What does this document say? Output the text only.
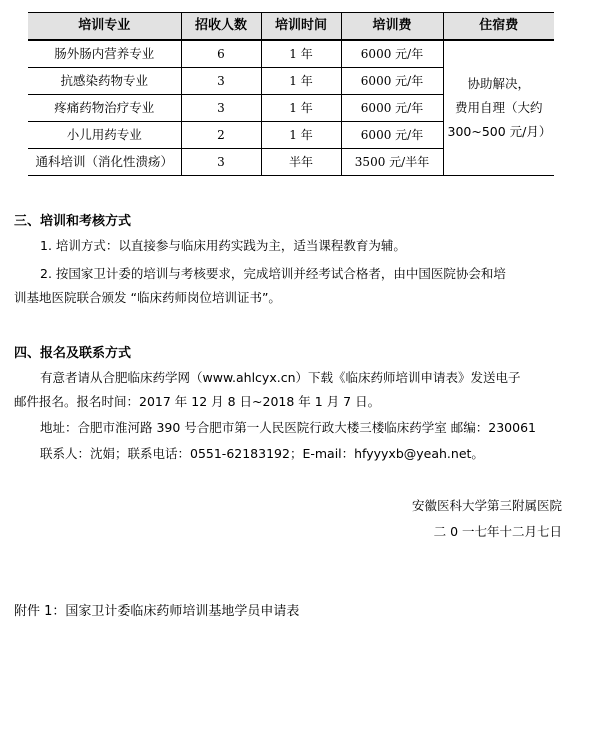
培训专业	招收人数	培训时间	培训费	住宿费
肠外肠内营养专业	6	1 年	6000 元/年	协助解决，
费用自理（大约
300~500 元/月）

抗感染药物专业	3	1 年	6000 元/年	
疼痛药物治疗专业	3	1 年	6000 元/年	
小儿用药专业	2	1 年	6000 元/年	
通科培训（消化性溃疡）	3	半年	3500 元/半年	
三、培训和考核方式
1. 培训方式：以直接参与临床用药实践为主，适当课程教育为辅。
2. 按国家卫计委的培训与考核要求，完成培训并经考试合格者，由中国医院协会和培
训基地医院联合颁发 “临床药师岗位培训证书”。
四、报名及联系方式
有意者请从合肥临床药学网（www.ahlcyx.cn）下载《临床药师培训申请表》发送电子
邮件报名。报名时间：2017 年 12 月 8 日~2018 年 1 月 7 日。
地址：合肥市淮河路 390 号合肥市第一人民医院行政大楼三楼临床药学室 邮编：230061
联系人：沈娟；联系电话：0551-62183192；E-mail：hfyyyxb@yeah.net。
安徽医科大学第三附属医院
二 0 一七年十二月七日
附件 1：国家卫计委临床药师培训基地学员申请表
